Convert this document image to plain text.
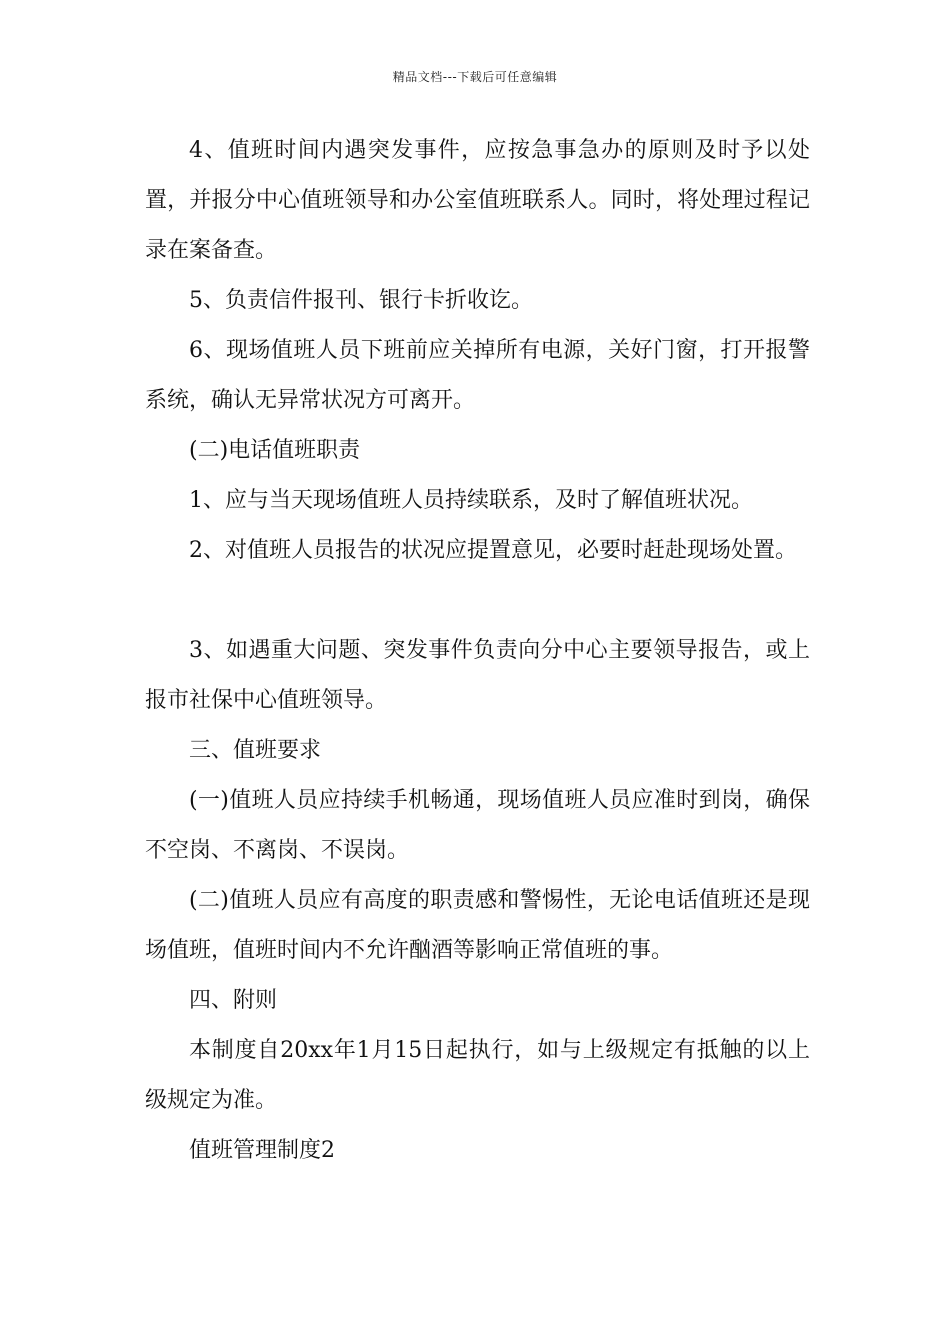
精品文档---下载后可任意编辑

4、值班时间内遇突发事件，应按急事急办的原则及时予以处置，并报分中心值班领导和办公室值班联系人。同时，将处理过程记录在案备查。

5、负责信件报刊、银行卡折收讫。

6、现场值班人员下班前应关掉所有电源，关好门窗，打开报警系统，确认无异常状况方可离开。

(二)电话值班职责

1、应与当天现场值班人员持续联系，及时了解值班状况。

2、对值班人员报告的状况应提置意见，必要时赶赴现场处置。

3、如遇重大问题、突发事件负责向分中心主要领导报告，或上报市社保中心值班领导。

三、值班要求

(一)值班人员应持续手机畅通，现场值班人员应准时到岗，确保不空岗、不离岗、不误岗。

(二)值班人员应有高度的职责感和警惕性，无论电话值班还是现场值班，值班时间内不允许酗酒等影响正常值班的事。

四、附则

本制度自20xx年1月15日起执行，如与上级规定有抵触的以上级规定为准。

值班管理制度2
